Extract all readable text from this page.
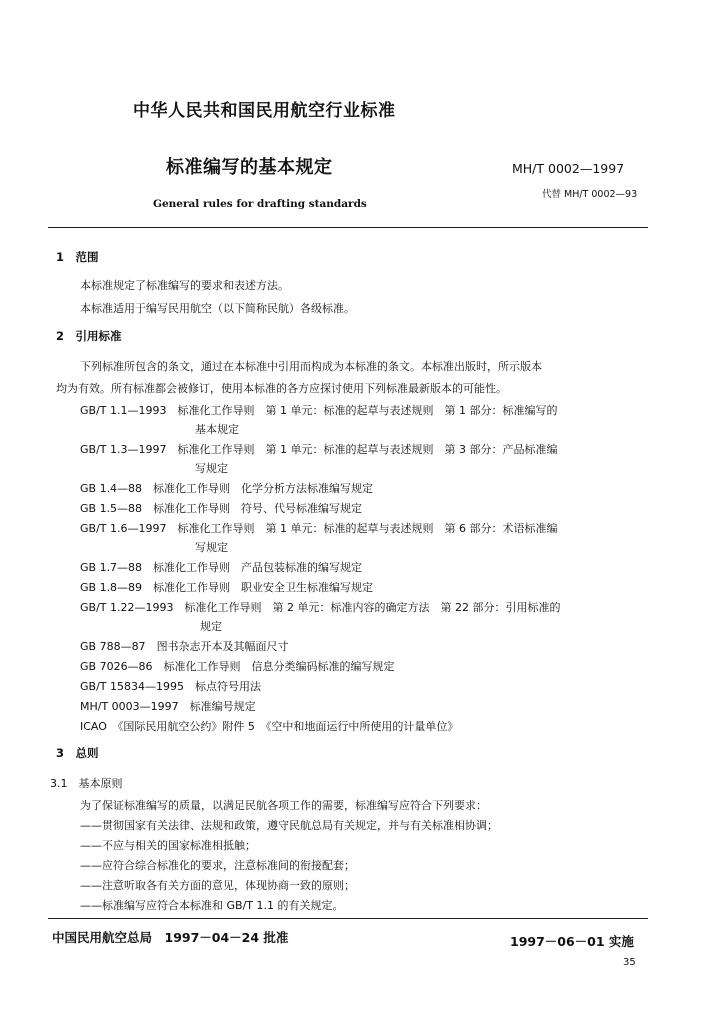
中华人民共和国民用航空行业标准
标准编写的基本规定	MH/T 0002—1997
代替 MH/T 0002—93
General rules for drafting standards
1　范围
本标准规定了标准编写的要求和表述方法。
本标准适用于编写民用航空（以下简称民航）各级标准。
2　引用标准
下列标准所包含的条文，通过在本标准中引用而构成为本标准的条文。本标准出版时，所示版本
均为有效。所有标准都会被修订，使用本标准的各方应探讨使用下列标准最新版本的可能性。
GB/T 1.1—1993　 标准化工作导则　第 1 单元：标准的起草与表述规则　第 1 部分：标准编写的
基本规定
GB/T 1.3—1997　 标准化工作导则　第 1 单元：标准的起草与表述规则　第 3 部分：产品标准编
写规定
GB 1.4—88　 标准化工作导则　化学分析方法标准编写规定
GB 1.5—88　 标准化工作导则　符号、代号标准编写规定
GB/T 1.6—1997　 标准化工作导则　第 1 单元：标准的起草与表述规则　第 6 部分：术语标准编
写规定
GB 1.7—88　 标准化工作导则　产品包装标准的编写规定
GB 1.8—89　 标准化工作导则　职业安全卫生标准编写规定
GB/T 1.22—1993　 标准化工作导则　第 2 单元：标准内容的确定方法　第 22 部分：引用标准的
规定
GB 788—87　 图书杂志开本及其幅面尺寸
GB 7026—86　 标准化工作导则　信息分类编码标准的编写规定
GB/T 15834—1995　 标点符号用法
MH/T 0003—1997　 标准编号规定
ICAO　 《国际民用航空公约》附件 5　《空中和地面运行中所使用的计量单位》
3　总则
3.1　基本原则
为了保证标准编写的质量，以满足民航各项工作的需要，标准编写应符合下列要求：
——贯彻国家有关法律、法规和政策，遵守民航总局有关规定，并与有关标准相协调；
——不应与相关的国家标准相抵触；
——应符合综合标准化的要求，注意标准间的衔接配套；
——注意听取各有关方面的意见，体现协商一致的原则；
——标准编写应符合本标准和 GB/T 1.1 的有关规定。
中国民用航空总局　1997－04－24 批准	1997－06－01 实施
35
